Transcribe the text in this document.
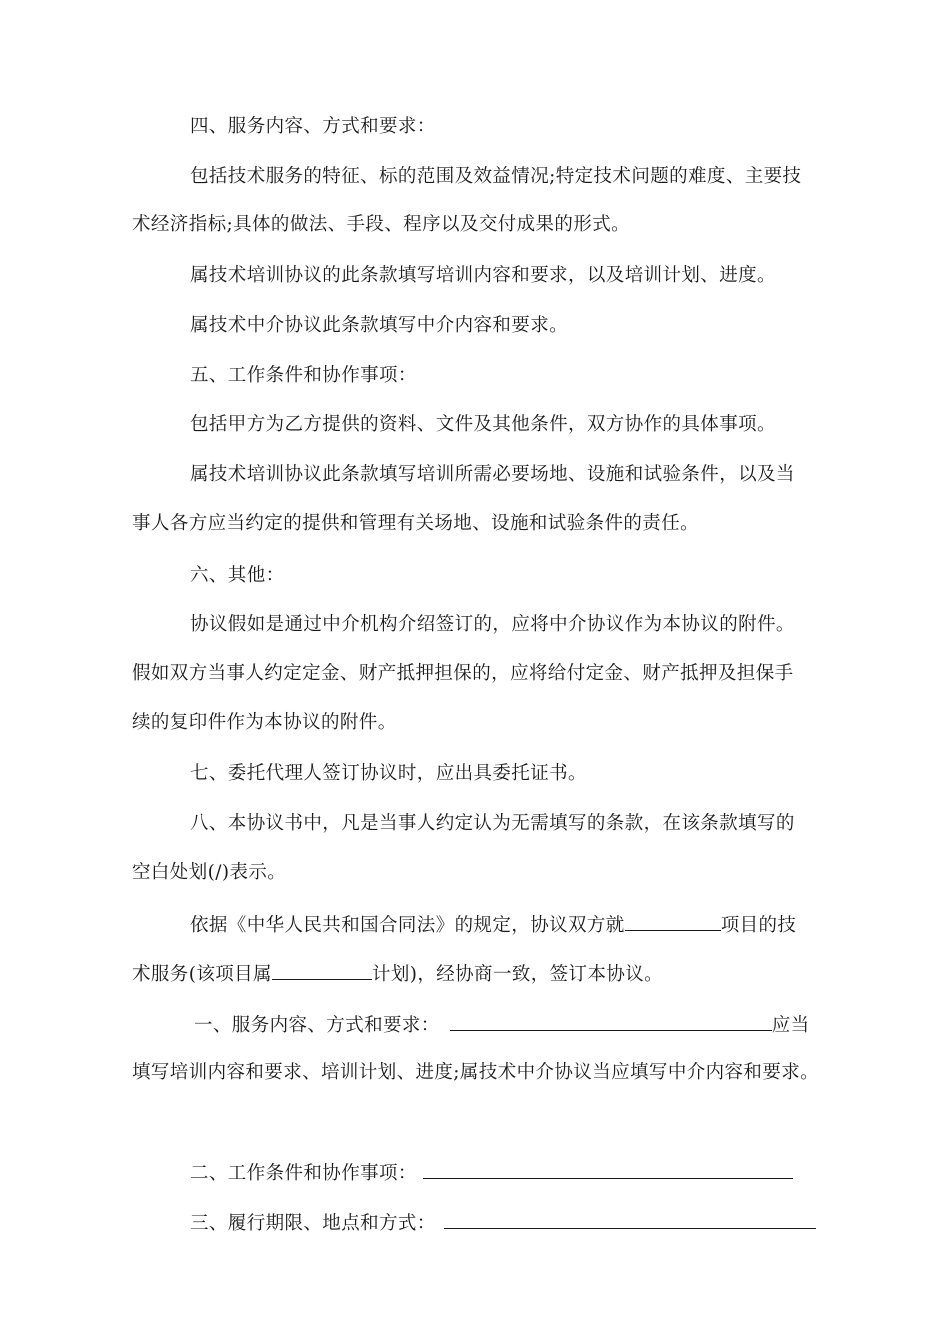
四、服务内容、方式和要求：
包括技术服务的特征、标的范围及效益情况;特定技术问题的难度、主要技
术经济指标;具体的做法、手段、程序以及交付成果的形式。
属技术培训协议的此条款填写培训内容和要求，以及培训计划、进度。
属技术中介协议此条款填写中介内容和要求。
五、工作条件和协作事项：
包括甲方为乙方提供的资料、文件及其他条件，双方协作的具体事项。
属技术培训协议此条款填写培训所需必要场地、设施和试验条件，以及当
事人各方应当约定的提供和管理有关场地、设施和试验条件的责任。
六、其他：
协议假如是通过中介机构介绍签订的，应将中介协议作为本协议的附件。
假如双方当事人约定定金、财产抵押担保的，应将给付定金、财产抵押及担保手
续的复印件作为本协议的附件。
七、委托代理人签订协议时，应出具委托证书。
八、本协议书中，凡是当事人约定认为无需填写的条款，在该条款填写的
空白处划(/)表示。
依据《中华人民共和国合同法》的规定，协议双方就	项目的技
术服务(该项目属	计划)，经协商一致，签订本协议。
一、服务内容、方式和要求：	应当
填写培训内容和要求、培训计划、进度;属技术中介协议当应填写中介内容和要求。
二、工作条件和协作事项：
三、履行期限、地点和方式：
